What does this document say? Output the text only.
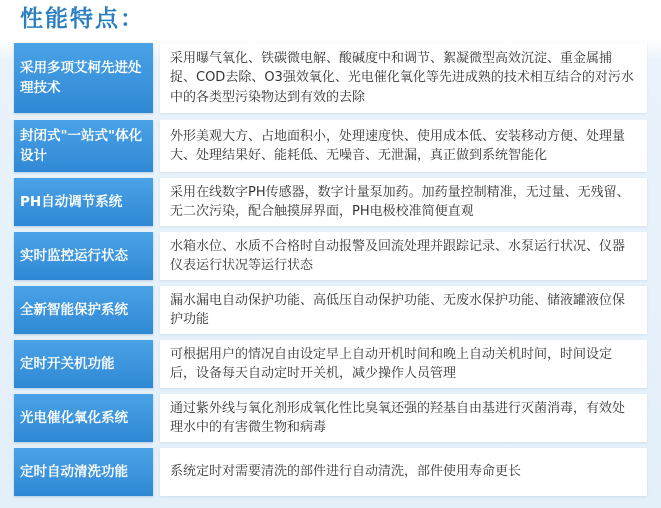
性能特点：
采用多项艾柯先进处理技术
采用曝气氧化、铁碳微电解、酸碱度中和调节、絮凝微型高效沉淀、重金属捕捉、COD去除、O3强效氧化、光电催化氧化等先进成熟的技术相互结合的对污水中的各类型污染物达到有效的去除
封闭式"一站式"体化设计
外形美观大方、占地面积小，处理速度快、使用成本低、安装移动方便、处理量大、处理结果好、能耗低、无噪音、无泄漏，真正做到系统智能化
PH自动调节系统
采用在线数字PH传感器，数字计量泵加药。加药量控制精准，无过量、无残留、无二次污染，配合触摸屏界面，PH电极校准简便直观
实时监控运行状态
水箱水位、水质不合格时自动报警及回流处理并跟踪记录、水泵运行状况、仪器仪表运行状况等运行状态
全新智能保护系统
漏水漏电自动保护功能、高低压自动保护功能、无废水保护功能、储液罐液位保护功能
定时开关机功能
可根据用户的情况自由设定早上自动开机时间和晚上自动关机时间，时间设定后，设备每天自动定时开关机，减少操作人员管理
光电催化氧化系统
通过紫外线与氧化剂形成氧化性比臭氧还强的羟基自由基进行灭菌消毒，有效处理水中的有害微生物和病毒
定时自动清洗功能	系统定时对需要清洗的部件进行自动清洗，部件使用寿命更长
